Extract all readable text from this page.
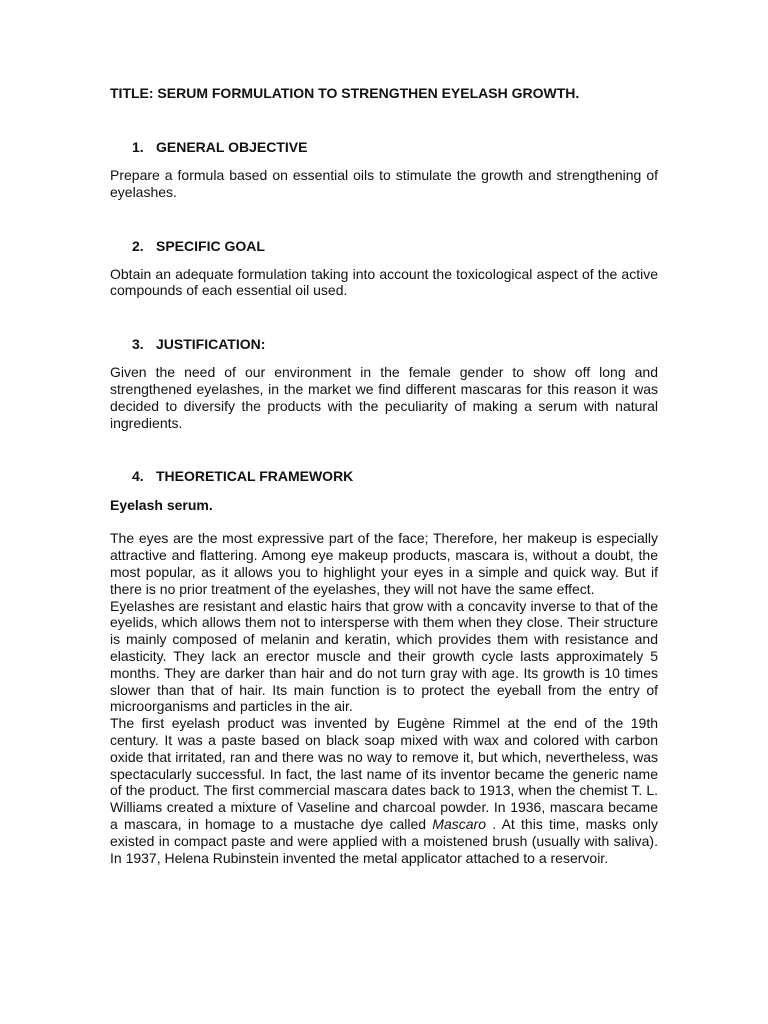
TITLE: SERUM FORMULATION TO STRENGTHEN EYELASH GROWTH.
1. GENERAL OBJECTIVE

Prepare a formula based on essential oils to stimulate the growth and strengthening of eyelashes.

2. SPECIFIC GOAL

Obtain an adequate formulation taking into account the toxicological aspect of the active compounds of each essential oil used.

3. JUSTIFICATION:

Given the need of our environment in the female gender to show off long and strengthened eyelashes, in the market we find different mascaras for this reason it was decided to diversify the products with the peculiarity of making a serum with natural ingredients.

4. THEORETICAL FRAMEWORK
Eyelash serum.

The eyes are the most expressive part of the face; Therefore, her makeup is especially attractive and flattering. Among eye makeup products, mascara is, without a doubt, the most popular, as it allows you to highlight your eyes in a simple and quick way. But if there is no prior treatment of the eyelashes, they will not have the same effect.

Eyelashes are resistant and elastic hairs that grow with a concavity inverse to that of the eyelids, which allows them not to intersperse with them when they close. Their structure is mainly composed of melanin and keratin, which provides them with resistance and elasticity. They lack an erector muscle and their growth cycle lasts approximately 5 months. They are darker than hair and do not turn gray with age. Its growth is 10 times slower than that of hair. Its main function is to protect the eyeball from the entry of microorganisms and particles in the air.

The first eyelash product was invented by Eugène Rimmel at the end of the 19th century. It was a paste based on black soap mixed with wax and colored with carbon oxide that irritated, ran and there was no way to remove it, but which, nevertheless, was spectacularly successful. In fact, the last name of its inventor became the generic name of the product. The first commercial mascara dates back to 1913, when the chemist T. L. Williams created a mixture of Vaseline and charcoal powder. In 1936, mascara became a mascara, in homage to a mustache dye called Mascaro . At this time, masks only existed in compact paste and were applied with a moistened brush (usually with saliva). In 1937, Helena Rubinstein invented the metal applicator attached to a reservoir.
